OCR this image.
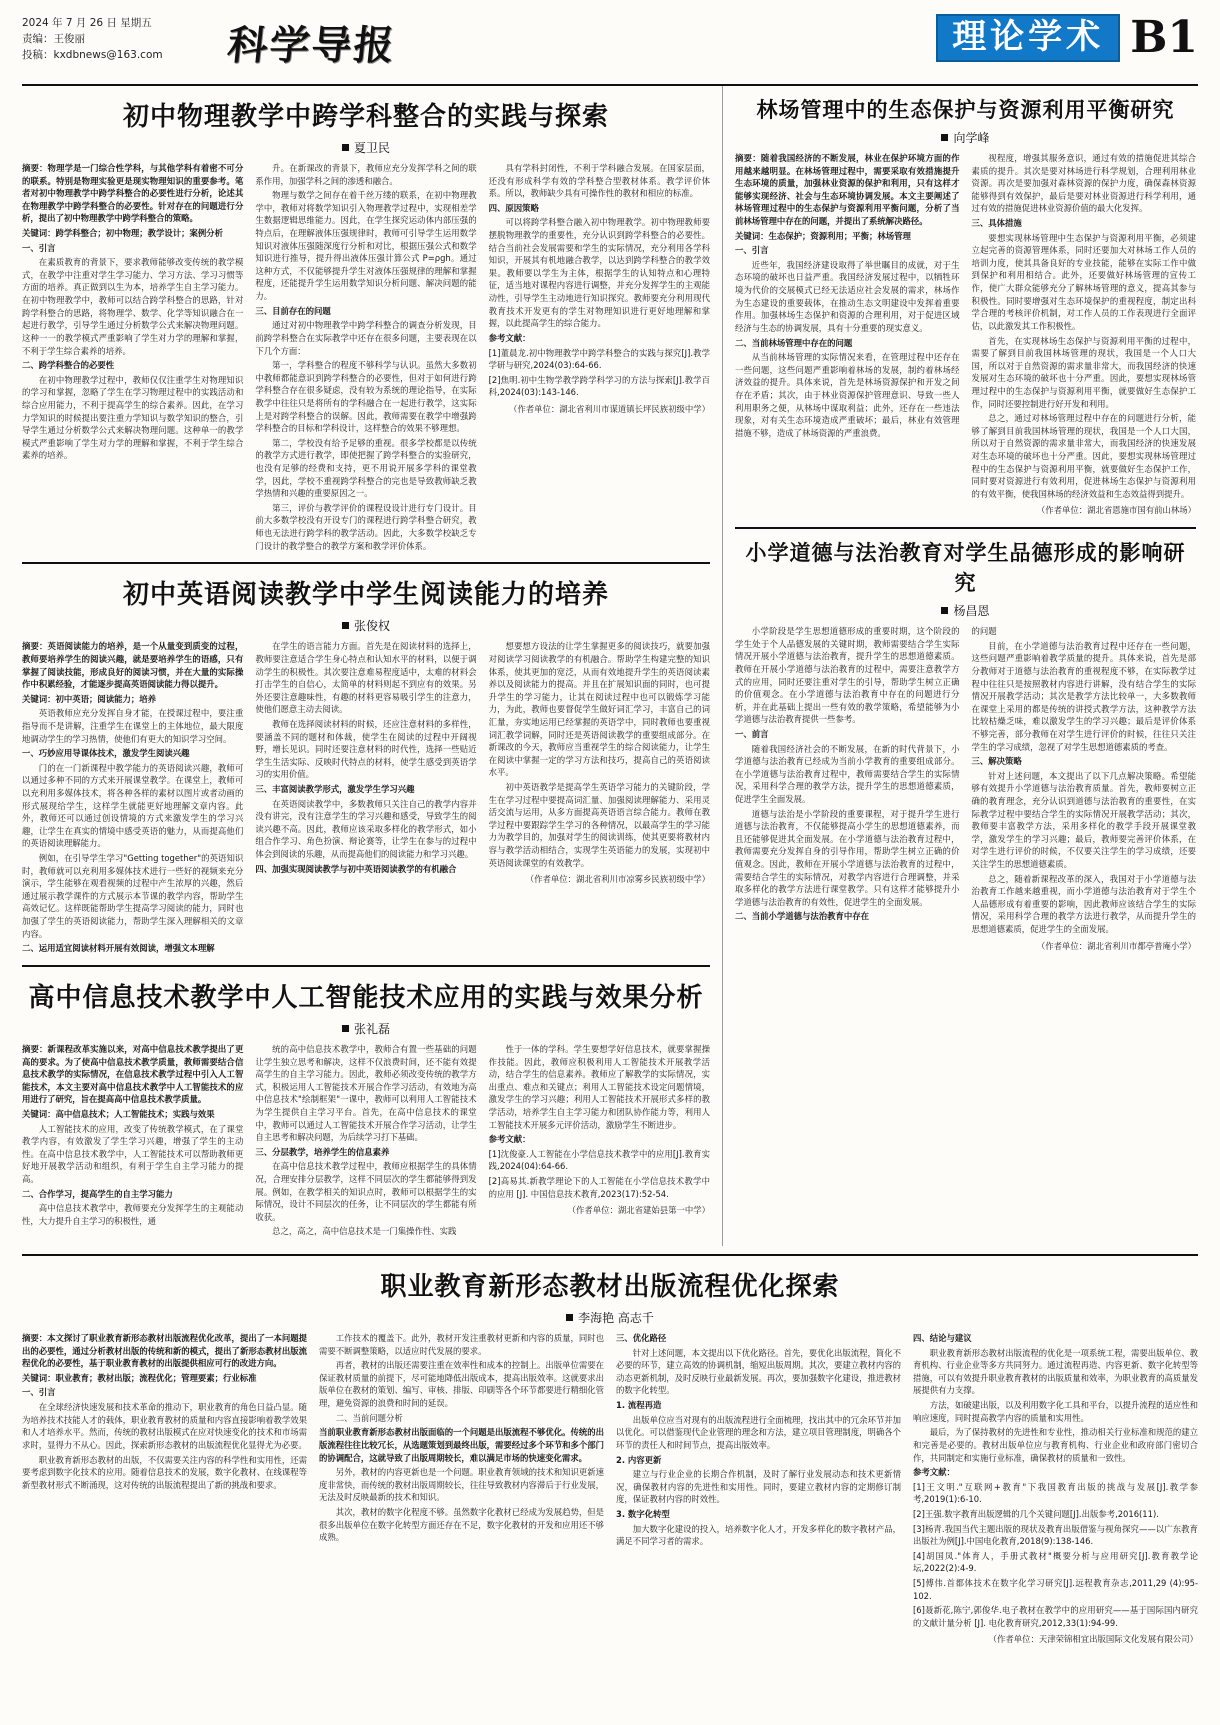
2024 年 7 月 26 日 星期五
责编：王俊丽
投稿：kxdbnews@163.com	科学导报	理论学术 B1
初中物理教学中跨学科整合的实践与探索
夏卫民

摘要：物理学是一门综合性学科，与其他学科有着密不可分的联系。特别是物理实验更是现实物理知识的重要参考。笔者对初中物理教学中跨学科整合的必要性进行分析，论述其在物理教学中跨学科整合的必要性。针对存在的问题进行分析，提出了初中物理教学中跨学科整合的策略。

关键词：跨学科整合；初中物理；教学设计；案例分析

一、引言

在素质教育的背景下，要求教师能够改变传统的教学模式，在教学中注重对学生学习能力、学习方法、学习习惯等方面的培养。真正做到以生为本，培养学生自主学习能力。在初中物理教学中，教师可以结合跨学科整合的思路，针对跨学科整合的思路，将物理学、数学、化学等知识融合在一起进行教学，引导学生通过分析数学公式来解决物理问题。这种一一的教学模式严重影响了学生对力学的理解和掌握，不利于学生综合素养的培养。

二、跨学科整合的必要性

在初中物理教学过程中，教师仅仅注重学生对物理知识的学习和掌握，忽略了学生在学习物理过程中的实践活动和综合应用能力，不利于提高学生的综合素养。因此，在学习力学知识的时候提出要注重力学知识与数学知识的整合，引导学生通过分析数学公式来解决物理问题。这种单一的教学模式严重影响了学生对力学的理解和掌握，不利于学生综合素养的培养。

升。在新课改的背景下，教师应充分发挥学科之间的联系作用，加强学科之间的渗透和融合。

物理与数学之间存在着千丝万缕的联系，在初中物理教学中，教师对将数学知识引入物理教学过程中，实现相差学生数据逻辑思维能力。因此，在学生探究运动体内部压强的特点后，在理解液体压强规律时，教师可引导学生运用数学知识对液体压强随深度行分析和对比，根据压强公式和数学知识进行推导，提升得出液体压强计算公式 P=ρgh。通过这种方式，不仅能够提升学生对液体压强规律的理解和掌握程度，还能提升学生运用数学知识分析问题、解决问题的能力。

三、目前存在的问题

通过对初中物理教学中跨学科整合的调查分析发现，目前跨学科整合在实际教学中还存在很多问题，主要表现在以下几个方面：

第一，学科整合的程度不够科学与认识。虽然大多数初中教师都能意识到跨学科整合的必要性，但对于如何进行跨学科整合存在很多疑虑，没有较为系统的理论指导，在实际教学中往往只是将所有的学科融合在一起进行教学，这实际上是对跨学科整合的误解。因此，教师需要在教学中增强跨学科整合的目标和学科设计，这样整合的效果不够理想。

第二，学校没有给予足够的重视。很多学校都是以传统的教学方式进行教学，即使把握了跨学科整合的实验研究，也没有足够的经费和支持，更不用说开展多学科的课堂教学，因此，学校不重视跨学科整合的完也是导致教师缺乏教学热情和兴趣的重要原因之一。

第三，评价与教学评价的课程设设计进行专门设计。目前大多数学校没有开设专门的课程进行跨学科整合研究，教师也无法进行跨学科的教学活动。因此，大多数学校缺乏专门设计的教学整合的教学方案和教学评价体系。

具有学科封闭性，不利于学科融合发展。在国家层面，还没有形成科学有效的学科整合型教材体系。教学评价体系。所以，教师缺少具有可操作性的教材和相应的标准。

四、原因策略

可以将跨学科整合融入初中物理教学。初中物理教师要摆脱物理教学的重要性，充分认识到跨学科整合的必要性。结合当前社会发展需要和学生的实际情况，充分利用各学科知识，开展其有机地融合教学，以达到跨学科整合的教学效果。教师要以学生为主体，根据学生的认知特点和心理特征，适当地对课程内容进行调整，并充分发挥学生的主观能动性，引导学生主动地进行知识探究。教师要充分利用现代教育技术开发更有的学生对物理知识进行更好地理解和掌握，以此提高学生的综合能力。

参考文献：

[1]董晨龙.初中物理教学中跨学科整合的实践与探究[J].教学学研与研究,2024(03):64-66.

[2]焦明.初中生物学教学跨学科学习的方法与探索[J].教学百科,2024(03):143-146.

（作者单位：湖北省利川市谋道镇长坪民族初级中学）

初中英语阅读教学中学生阅读能力的培养
张俊权

摘要：英语阅读能力的培养，是一个从量变到质变的过程，教师要培养学生的阅读兴趣，就是要培养学生的语感，只有掌握了阅读技能，形成良好的阅读习惯，并在大量的实际操作中积累经验，才能逐步提高英语阅读能力得以提升。

关键词：初中英语；阅读能力；培养

英语教师应充分发挥自身才能，在授课过程中，要注重指导而不是讲解，注重学生在课堂上的主体地位，最大限度地调动学生的学习热情，使他们有更大的知识学习空间。

一、巧妙应用导课体技术，激发学生阅读兴趣

门的在一门新课程中教学能力的英语阅读兴趣，教师可以通过多种不同的方式来开展课堂教学。在课堂上，教师可以充利用多媒体技术，将各种各样的素材以图片或者动画的形式展现给学生，这样学生就能更好地理解文章内容。此外，教师还可以通过创设情境的方式来激发学生的学习兴趣，让学生在真实的情境中感受英语的魅力，从而提高他们的英语阅读理解能力。

例如，在引导学生学习"Getting together"的英语知识时，教师就可以充利用多媒体技术进行一些好的视频来充分演示，学生能够在观看视频的过程中产生浓厚的兴趣，然后通过展示教学课件的方式展示本节课的教学内容，帮助学生高效记忆。这样既能帮助学生提高学习阅读的能力，同时也加强了学生的英语阅读能力，帮助学生深入理解相关的文章内容。

二、运用适宜阅读材料开展有效阅读，增强文本理解

在学生的语言能力方面。首先是在阅读材料的选择上，教师要注意适合学生身心特点和认知水平的材料，以便于调动学生的积极性。其次要注意难易程度适中，太难的材料会打击学生的自信心，太简单的材料则起不到应有的效果。另外还要注意趣味性，有趣的材料更容易吸引学生的注意力，使他们愿意主动去阅读。

教师在选择阅读材料的时候，还应注意材料的多样性，要涵盖不同的题材和体裁，使学生在阅读的过程中开阔视野，增长见识。同时还要注意材料的时代性，选择一些贴近学生生活实际、反映时代特点的材料，使学生感受到英语学习的实用价值。

三、丰富阅读教学形式，激发学生学习兴趣

在英语阅读教学中，多数教师只关注自己的教学内容并没有讲完，没有注意学生的学习兴趣和感受，导致学生的阅读兴趣不高。因此，教师应该采取多样化的教学形式，如小组合作学习、角色扮演、辩论赛等，让学生在参与的过程中体会到阅读的乐趣，从而提高他们的阅读能力和学习兴趣。

四、加强实现阅读教学与初中英语阅读教学的有机融合

想要想方设法的让学生掌握更多的阅读技巧，就要加强对阅读学习阅读教学的有机融合。帮助学生构建完整的知识体系，使其更加的宽泛，从而有效地提升学生的英语阅读素养以及阅读能力的提高。并且在扩展知识面的同时，也可提升学生的学习能力，让其在阅读过程中也可以锻炼学习能力，为此，教师也要督促学生做好词汇学习，丰富自己的词汇量，夯实地运用已经掌握的英语学中，同时教师也要重视词汇教学词解，同时还是英语阅读教学的重要组成部分。在新课改的今天，教师应当重视学生的综合阅读能力，让学生在阅读中掌握一定的学习方法和技巧，提高自己的英语阅读水平。

初中英语教学是提高学生英语学习能力的关键阶段，学生在学习过程中要提高词汇量、加强阅读理解能力、采用灵活交流与运用，从多方面提高英语语言综合能力。教师在教学过程中要跟踪学生学习的各种情况，以最高学生的学习能力为教学目的，加强对学生的阅读训练，使其更要将教材内容与教学活动相结合，实现学生英语能力的发展，实现初中英语阅读课堂的有效教学。

（作者单位：湖北省利川市凉雾乡民族初级中学）

高中信息技术教学中人工智能技术应用的实践与效果分析
张礼磊

摘要：新课程改革实施以来，对高中信息技术教学提出了更高的要求。为了使高中信息技术教学质量，教师需要结合信息技术教学的实际情况，在信息技术教学过程中引入人工智能技术，本文主要对高中信息技术教学中人工智能技术的应用进行了研究，旨在提高高中信息技术教学质量。

关键词：高中信息技术；人工智能技术；实践与效果

人工智能技术的应用，改变了传统教学模式，在了课堂教学内容，有效激发了学生学习兴趣，增强了学生的主动性。在高中信息技术教学中，人工智能技术可以帮助教师更好地开展教学活动和组织，有利于学生自主学习能力的提高。

二、合作学习，提高学生的自主学习能力

高中信息技术教学中，教师要充分发挥学生的主观能动性，大力提升自主学习的积极性，通

统的高中信息技术教学中，教师合有置一些基础的问题让学生独立思考和解决，这样不仅浪费时间，还不能有效提高学生的自主学习能力。因此，教师必须改变传统的教学方式，积极运用人工智能技术开展合作学习活动，有效地为高中信息技术"绘制框架"一课中，教师可以利用人工智能技术为学生提供自主学习平台。首先，在高中信息技术的课堂中，教师可以通过人工智能技术开展合作学习活动，让学生自主思考和解决问题，为后续学习打下基础。

三、分层教学，培养学生的信息素养

在高中信息技术教学过程中，教师应根据学生的具体情况，合理安排分层教学，这样不同层次的学生都能够得到发展。例如，在教学相关的知识点时，教师可以根据学生的实际情况，设计不同层次的任务，让不同层次的学生都能有所收获。

总之，高之，高中信息技术是一门集操作性、实践

性于一体的学科。学生要想学好信息技术，就要掌握操作技能。因此，教师应积极利用人工智能技术开展教学活动，结合学生的信息素养。教师应了解教学的实际情况，实出重点、难点和关键点；利用人工智能技术设定问题情境，激发学生的学习兴趣；利用人工智能技术开展形式多样的教学活动，培养学生自主学习能力和团队协作能力等，利用人工智能技术开展多元评价活动，激励学生不断进步。

参考文献：

[1]沈俊豪.人工智能在小学信息技术教学中的应用[J].教育实践,2024(04):64-66.

[2]高易其.新教学理论下的人工智能在小学信息技术教学中的应用 [J]. 中国信息技术教育,2023(17):52-54.

（作者单位：湖北省建始县第一中学）

林场管理中的生态保护与资源利用平衡研究
向学峰

摘要：随着我国经济的不断发展，林业在保护环境方面的作用越来越明显。在林场管理过程中，需要采取有效措施提升生态环境的质量，加强林业资源的保护和利用，只有这样才能够实现经济、社会与生态环境协调发展。本文主要阐述了林场管理过程中的生态保护与资源利用平衡问题，分析了当前林场管理中存在的问题，并提出了系统解决路径。

关键词：生态保护；资源利用；平衡；林场管理

一、引言

近些年，我国经济建设取得了举世瞩目的成就，对于生态环境的破坏也日益严重。我国经济发展过程中，以牺牲环境为代价的交展模式已经无法适应社会发展的需求，林场作为生态建设的重要载体，在推动生态文明建设中发挥着重要作用。加强林场生态保护和资源的合理利用，对于促进区域经济与生态的协调发展，具有十分重要的现实意义。

二、当前林场管理中存在的问题

从当前林场管理的实际情况来看，在管理过程中还存在一些问题，这些问题严重影响着林场的发展，制约着林场经济效益的提升。具体来说，首先是林场资源保护和开发之间存在矛盾；其次，由于林业资源保护管理意识、导致一些人利用职务之便，从林场中谋取利益；此外，还存在一些违法现象，对有关生态环境造成严重破坏；最后，林业有效管理措施不够，造成了林场资源的严重浪费。

视程度，增强其服务意识，通过有效的措施促进其综合素质的提升。其次是要对林场进行科学规划，合理利用林业资源。再次是要加强对森林资源的保护力度，确保森林资源能够得到有效保护，最后是要对林业资源进行科学利用，通过有效的措施促进林业资源价值的最大化发挥。

三、具体措施

要想实现林场管理中生态保护与资源利用平衡，必须建立起完善的资源管理体系，同时还要加大对林场工作人员的培训力度，使其具备良好的专业技能，能够在实际工作中做到保护和利用相结合。此外，还要做好林场管理的宣传工作，使广大群众能够充分了解林场管理的意义，提高其参与积极性。同时要增强对生态环境保护的重视程度，制定出科学合理的考核评价机制，对工作人员的工作表现进行全面评估，以此激发其工作积极性。

首先，在实现林场生态保护与资源利用平衡的过程中，需要了解到目前我国林场管理的现状，我国是一个人口大国，所以对于自然资源的需求量非常大，而我国经济的快速发展对生态环境的破坏也十分严重。因此，要想实现林场管理过程中的生态保护与资源利用平衡，就要做好生态保护工作，同时还要控制进行好开发和利用。

总之，通过对林场管理过程中存在的问题进行分析，能够了解到目前我国林场管理的现状，我国是一个人口大国，所以对于自然资源的需求量非常大，而我国经济的快速发展对生态环境的破坏也十分严重。因此，要想实现林场管理过程中的生态保护与资源利用平衡，就要做好生态保护工作，同时要对资源进行有效利用，促进林场生态保护与资源利用的有效平衡，使我国林场的经济效益和生态效益得到提升。

（作者单位：湖北省恩施市国有前山林场）

小学道德与法治教育对学生品德形成的影响研究
杨昌恩

小学阶段是学生思想道德形成的重要时期，这个阶段的学生处于个人品德发展的关键时期，教师需要结合学生实际情况开展小学道德与法治教育，提升学生的思想道德素质。教师在开展小学道德与法治教育的过程中，需要注意教学方式的应用，同时还要注重对学生的引导，帮助学生树立正确的价值观念。在小学道德与法治教育中存在的问题进行分析，并在此基础上提出一些有效的教学策略，希望能够为小学道德与法治教育提供一些参考。

一、前言

随着我国经济社会的不断发展，在新的时代背景下，小学道德与法治教育已经成为当前小学教育的重要组成部分。在小学道德与法治教育过程中，教师需要结合学生的实际情况，采用科学合理的教学方法，提升学生的思想道德素质，促进学生全面发展。

道德与法治是小学阶段的重要课程，对于提升学生进行道德与法治教育，不仅能够提高小学生的思想道德素养，而且还能够促进其全面发展。在小学道德与法治教育过程中，教师需要充分发挥自身的引导作用，帮助学生树立正确的价值观念。因此，教师在开展小学道德与法治教育的过程中，需要结合学生的实际情况，对教学内容进行合理调整，并采取多样化的教学方法进行课堂教学。只有这样才能够提升小学道德与法治教育的有效性，促进学生的全面发展。

二、当前小学道德与法治教育中存在

的问题

目前，在小学道德与法治教育过程中还存在一些问题，这些问题严重影响着教学质量的提升。具体来说，首先是部分教师对于道德与法治教育的重视程度不够，在实际教学过程中往往只是按照教材内容进行讲解，没有结合学生的实际情况开展教学活动；其次是教学方法比较单一，大多数教师在课堂上采用的都是传统的讲授式教学方法，这种教学方法比较枯燥乏味，难以激发学生的学习兴趣；最后是评价体系不够完善，部分教师在对学生进行评价的时候，往往只关注学生的学习成绩，忽视了对学生思想道德素质的考查。

三、解决策略

针对上述问题，本文提出了以下几点解决策略。希望能够有效提升小学道德与法治教育质量。首先，教师要树立正确的教育理念，充分认识到道德与法治教育的重要性，在实际教学过程中要结合学生的实际情况开展教学活动；其次，教师要丰富教学方法，采用多样化的教学手段开展课堂教学，激发学生的学习兴趣；最后，教师要完善评价体系，在对学生进行评价的时候，不仅要关注学生的学习成绩，还要关注学生的思想道德素质。

总之，随着新课程改革的深入，我国对于小学道德与法治教育工作越来越重视，而小学道德与法治教育对于学生个人品德形成有着重要的影响，因此教师应该结合学生的实际情况，采用科学合理的教学方法进行教学，从而提升学生的思想道德素质，促进学生的全面发展。

（作者单位：湖北省利川市都亭普庵小学）

职业教育新形态教材出版流程优化探索
李海艳 高志千

摘要：本文探讨了职业教育新形态教材出版流程优化改革，提出了一本问题提出的必要性，通过分析教材出版的传统和新的模式，提出了新形态教材出版流程优化的必要性，基于职业教育教材的出版提供相应可行的改进方向。

关键词：职业教育；教材出版；流程优化；管理要素；行业标准

一、引言

在全球经济快速发展和技术革命的推动下，职业教育的角色日益凸显。随为培养技术技能人才的载体，职业教育教材的质量和内容直接影响着教学效果和人才培养水平。然而，传统的教材出版模式在应对快速变化的技术和市场需求时，显得力不从心。因此，探索新形态教材的出版流程优化显得尤为必要。

职业教育新形态教材的出版，不仅需要关注内容的科学性和实用性，还需要考虑到数字化技术的应用。随着信息技术的发展，数字化教材、在线课程等新型教材形式不断涌现，这对传统的出版流程提出了新的挑战和要求。

工作技术的覆盖下。此外，教材开发注重教材更新和内容的质量，同时也需要不断调整策略，以适应时代发展的要求。

再者，教材的出版还需要注重在效率性和成本的控制上。出版单位需要在保证教材质量的前提下，尽可能地降低出版成本，提高出版效率。这就要求出版单位在教材的策划、编写、审核、排版、印刷等各个环节都要进行精细化管理，避免资源的浪费和时间的延误。

二、当前问题分析

当前职业教育新形态教材出版面临的一个问题是出版流程不够优化。传统的出版流程往往比较冗长，从选题策划到最终出版，需要经过多个环节和多个部门的协调配合，这就导致了出版周期较长，难以满足市场的快速变化需求。

另外，教材的内容更新也是一个问题。职业教育领域的技术和知识更新速度非常快，而传统的教材出版周期较长，往往导致教材内容滞后于行业发展，无法及时反映最新的技术和知识。

其次，教材的数字化程度不够。虽然数字化教材已经成为发展趋势，但是很多出版单位在数字化转型方面还存在不足，数字化教材的开发和应用还不够成熟。

三、优化路径

针对上述问题，本文提出以下优化路径。首先，要优化出版流程，简化不必要的环节，建立高效的协调机制，缩短出版周期。其次，要建立教材内容的动态更新机制，及时反映行业最新发展。再次，要加强数字化建设，推进教材的数字化转型。

1. 流程再造

出版单位应当对现有的出版流程进行全面梳理，找出其中的冗余环节并加以优化。可以借鉴现代企业管理的理念和方法，建立项目管理制度，明确各个环节的责任人和时间节点，提高出版效率。

2. 内容更新

建立与行业企业的长期合作机制，及时了解行业发展动态和技术更新情况，确保教材内容的先进性和实用性。同时，要建立教材内容的定期修订制度，保证教材内容的时效性。

3. 数字化转型

加大数字化建设的投入，培养数字化人才，开发多样化的数字教材产品，满足不同学习者的需求。

四、结论与建议

职业教育新形态教材出版流程的优化是一项系统工程，需要出版单位、教育机构、行业企业等多方共同努力。通过流程再造、内容更新、数字化转型等措施，可以有效提升职业教育教材的出版质量和效率，为职业教育的高质量发展提供有力支撑。

方法，如破建出版，以及利用数字化工具和平台，以提升流程的适应性和响应速度，同时提高教学内容的质量和实用性。

最后，为了保持教材的先进性和专业性，推动相关行业标准和规范的建立和完善是必要的。教材出版单位应与教育机构、行业企业和政府部门密切合作，共同制定和实施行业标准，确保教材的质量和一致性。

参考文献：

[1]王文明."互联网+教育"下我国教育出版的挑战与发展[J].教学参考,2019(1):6-10.

[2]王强.数字教育出版逻辑的几个关键问题[J].出版参考,2016(11).

[3]杨青.我国当代主题出版的现状及教育出版借鉴与视角探究——以广东教育出版社为例[J].中国电化教育,2018(9):138-146.

[4]胡国凤."体育人，手册式教材"概要分析与应用研究[J].教育教学论坛,2022(2):4-9.

[5]傅伟.首都体技术在数字化学习研究[J].远程教育杂志,2011,29 (4):95-102.

[6]聂新花,陈宁,郭俊华.电子教材在教学中的应用研究——基于国际国内研究的文献计量分析 [J]. 电化教育研究,2012,33(1):94-99.

（作者单位：天津荣锦相宜出版国际文化发展有限公司）
